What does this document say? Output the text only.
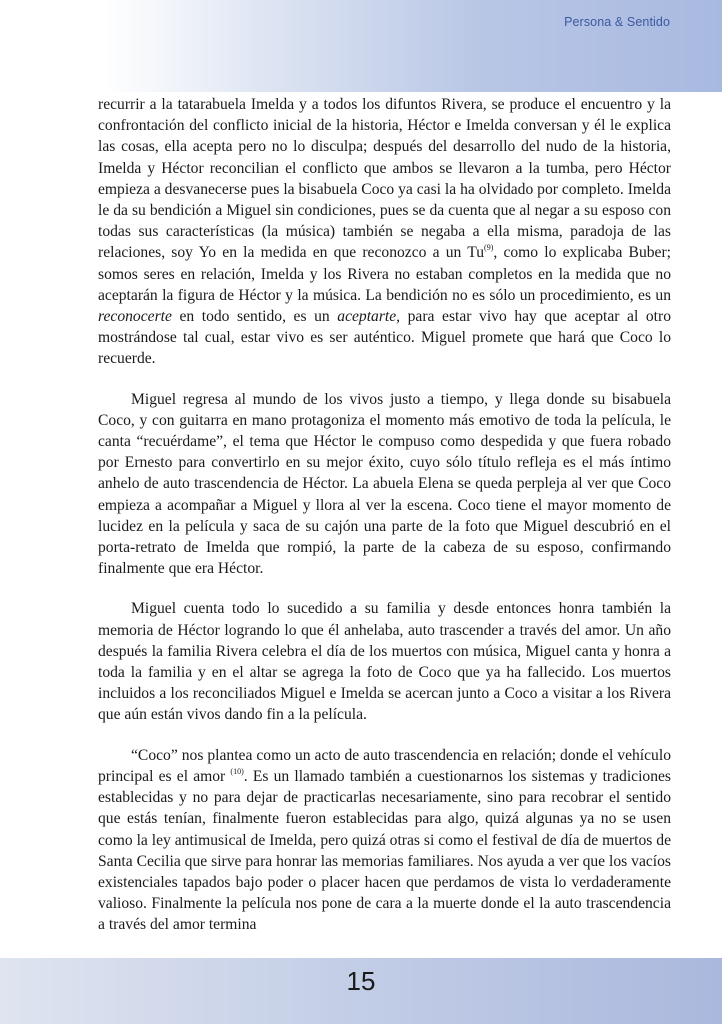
Persona & Sentido

recurrir a la tatarabuela Imelda y a todos los difuntos Rivera, se produce el encuentro y la confrontación del conflicto inicial de la historia, Héctor e Imelda conversan y él le explica las cosas, ella acepta pero no lo disculpa; después del desarrollo del nudo de la historia, Imelda y Héctor reconcilian el conflicto que ambos se llevaron a la tumba, pero Héctor empieza a desvanecerse pues la bisabuela Coco ya casi la ha olvidado por completo. Imelda le da su bendición a Miguel sin condiciones, pues se da cuenta que al negar a su esposo con todas sus características (la música) también se negaba a ella misma, paradoja de las relaciones, soy Yo en la medida en que reconozco a un Tu$^{(9)}$, como lo explicaba Buber; somos seres en relación, Imelda y los Rivera no estaban completos en la medida que no aceptarán la figura de Héctor y la música. La bendición no es sólo un procedimiento, es un reconocerte en todo sentido, es un aceptarte, para estar vivo hay que aceptar al otro mostrándose tal cual, estar vivo es ser auténtico. Miguel promete que hará que Coco lo recuerde.

Miguel regresa al mundo de los vivos justo a tiempo, y llega donde su bisabuela Coco, y con guitarra en mano protagoniza el momento más emotivo de toda la película, le canta “recuérdame”, el tema que Héctor le compuso como despedida y que fuera robado por Ernesto para convertirlo en su mejor éxito, cuyo sólo título refleja es el más íntimo anhelo de auto trascendencia de Héctor. La abuela Elena se queda perpleja al ver que Coco empieza a acompañar a Miguel y llora al ver la escena. Coco tiene el mayor momento de lucidez en la película y saca de su cajón una parte de la foto que Miguel descubrió en el porta-retrato de Imelda que rompió, la parte de la cabeza de su esposo, confirmando finalmente que era Héctor.

Miguel cuenta todo lo sucedido a su familia y desde entonces honra también la memoria de Héctor logrando lo que él anhelaba, auto trascender a través del amor. Un año después la familia Rivera celebra el día de los muertos con música, Miguel canta y honra a toda la familia y en el altar se agrega la foto de Coco que ya ha fallecido. Los muertos incluidos a los reconciliados Miguel e Imelda se acercan junto a Coco a visitar a los Rivera que aún están vivos dando fin a la película.

“Coco” nos plantea como un acto de auto trascendencia en relación; donde el vehículo principal es el amor $^{(10)}$. Es un llamado también a cuestionarnos los sistemas y tradiciones establecidas y no para dejar de practicarlas necesariamente, sino para recobrar el sentido que estás tenían, finalmente fueron establecidas para algo, quizá algunas ya no se usen como la ley antimusical de Imelda, pero quizá otras si como el festival de día de muertos de Santa Cecilia que sirve para honrar las memorias familiares. Nos ayuda a ver que los vacíos existenciales tapados bajo poder o placer hacen que perdamos de vista lo verdaderamente valioso. Finalmente la película nos pone de cara a la muerte donde el la auto trascendencia a través del amor termina

15
